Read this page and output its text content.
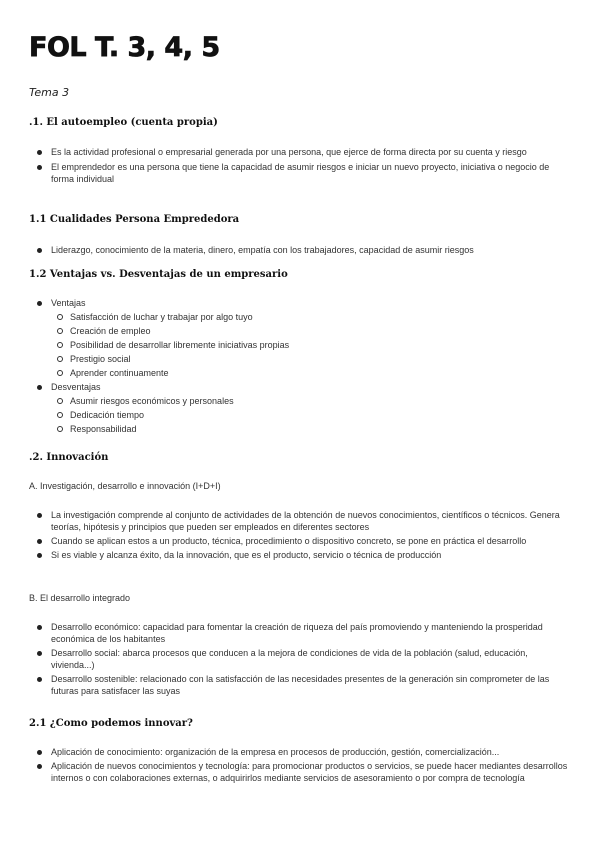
FOL T. 3, 4, 5
Tema 3
.1. El autoempleo (cuenta propia)
Es la actividad profesional o empresarial generada por una persona, que ejerce de forma directa por su cuenta y riesgo
El emprendedor es una persona que tiene la capacidad de asumir riesgos e iniciar un nuevo proyecto, iniciativa o negocio de forma individual
1.1 Cualidades Persona Emprededora
Liderazgo, conocimiento de la materia, dinero, empatía con los trabajadores, capacidad de asumir riesgos
1.2 Ventajas vs. Desventajas de un empresario
Ventajas
Satisfacción de luchar y trabajar por algo tuyo
Creación de empleo
Posibilidad de desarrollar libremente iniciativas propias
Prestigio social
Aprender continuamente
Desventajas
Asumir riesgos económicos y personales
Dedicación tiempo
Responsabilidad
.2. Innovación
A. Investigación, desarrollo e innovación (I+D+I)
La investigación comprende al conjunto de actividades de la obtención de nuevos conocimientos, científicos o técnicos. Genera teorías, hipótesis y principios que pueden ser empleados en diferentes sectores
Cuando se aplican estos a un producto, técnica, procedimiento o dispositivo concreto, se pone en práctica el desarrollo
Si es viable y alcanza éxito, da la innovación, que es el producto, servicio o técnica de producción
B. El desarrollo integrado
Desarrollo económico: capacidad para fomentar la creación de riqueza del país promoviendo y manteniendo la prosperidad económica de los habitantes
Desarrollo social: abarca procesos que conducen a la mejora de condiciones de vida de la población (salud, educación, vivienda...)
Desarrollo sostenible: relacionado con la satisfacción de las necesidades presentes de la generación sin comprometer de las futuras para satisfacer las suyas
2.1 ¿Como podemos innovar?
Aplicación de conocimiento: organización de la empresa en procesos de producción, gestión, comercialización...
Aplicación de nuevos conocimientos y tecnología: para promocionar productos o servicios, se puede hacer mediantes desarrollos internos o con colaboraciones externas, o adquirirlos mediante servicios de asesoramiento o por compra de tecnología
